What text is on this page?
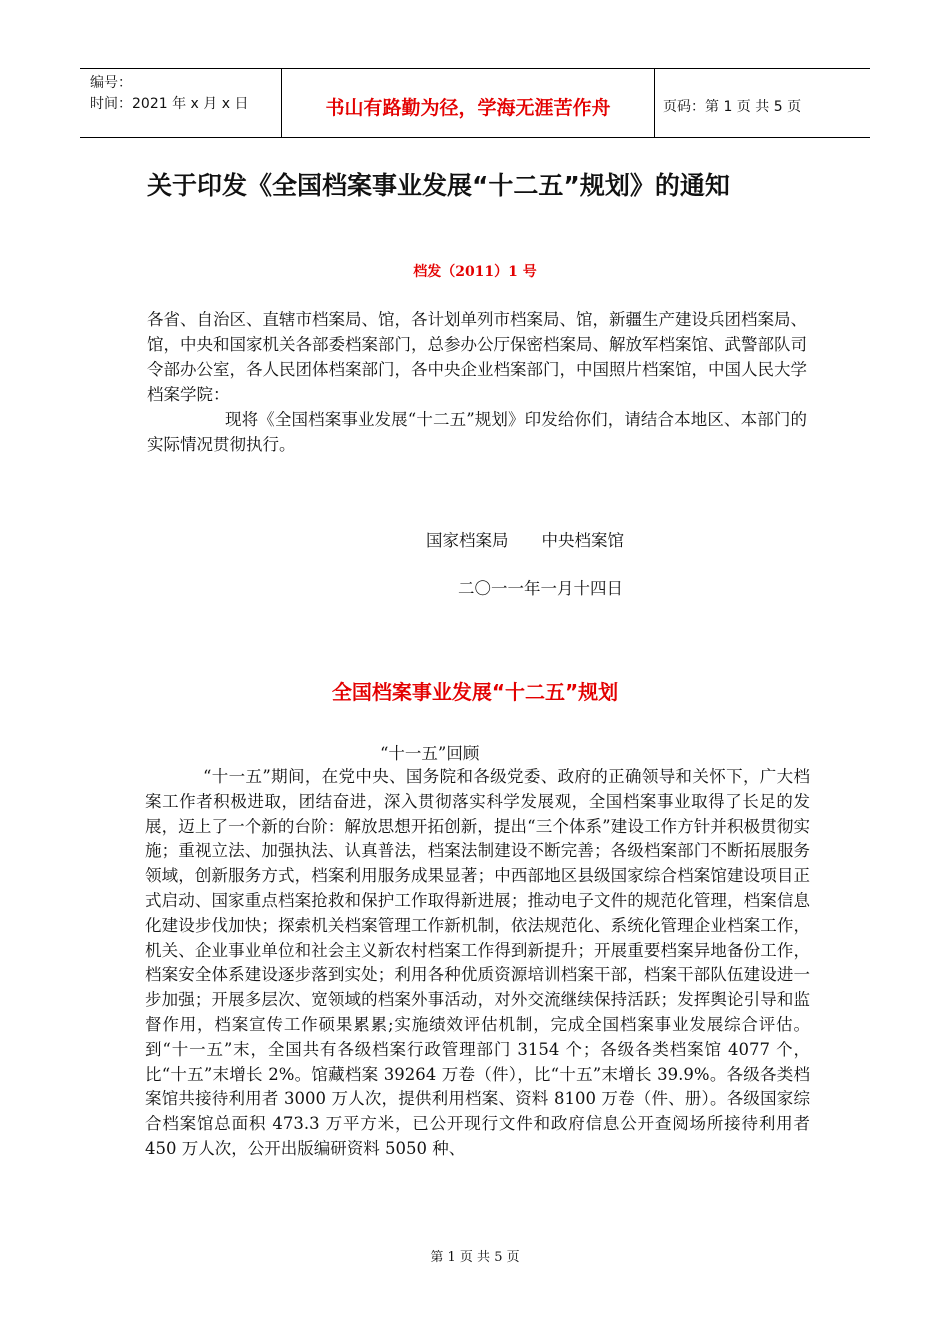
编号：
时间：2021 年 x 月 x 日	书山有路勤为径，学海无涯苦作舟	页码：第 1 页 共 5 页
关于印发《全国档案事业发展“十二五”规划》的通知
档发（2011）1 号
各省、自治区、直辖市档案局、馆，各计划单列市档案局、馆，新疆生产建设兵团档案局、馆，中央和国家机关各部委档案部门，总参办公厅保密档案局、解放军档案馆、武警部队司令部办公室，各人民团体档案部门，各中央企业档案部门，中国照片档案馆，中国人民大学档案学院：
现将《全国档案事业发展“十二五”规划》印发给你们，请结合本地区、本部门的实际情况贯彻执行。
国家档案局　　中央档案馆
二〇一一年一月十四日
全国档案事业发展“十二五”规划
“十一五”回顾
“十一五”期间，在党中央、国务院和各级党委、政府的正确领导和关怀下，广大档案工作者积极进取，团结奋进，深入贯彻落实科学发展观，全国档案事业取得了长足的发展，迈上了一个新的台阶：解放思想开拓创新，提出“三个体系”建设工作方针并积极贯彻实施；重视立法、加强执法、认真普法，档案法制建设不断完善；各级档案部门不断拓展服务领域，创新服务方式，档案利用服务成果显著；中西部地区县级国家综合档案馆建设项目正式启动、国家重点档案抢救和保护工作取得新进展；推动电子文件的规范化管理，档案信息化建设步伐加快；探索机关档案管理工作新机制，依法规范化、系统化管理企业档案工作，机关、企业事业单位和社会主义新农村档案工作得到新提升；开展重要档案异地备份工作，档案安全体系建设逐步落到实处；利用各种优质资源培训档案干部，档案干部队伍建设进一步加强；开展多层次、宽领域的档案外事活动，对外交流继续保持活跃；发挥舆论引导和监督作用，档案宣传工作硕果累累;实施绩效评估机制，完成全国档案事业发展综合评估。到“十一五”末，全国共有各级档案行政管理部门 3154 个；各级各类档案馆 4077 个，比“十五”末增长 2%。馆藏档案 39264 万卷（件），比“十五”末增长 39.9%。各级各类档案馆共接待利用者 3000 万人次，提供利用档案、资料 8100 万卷（件、册）。各级国家综合档案馆总面积 473.3 万平方米，已公开现行文件和政府信息公开查阅场所接待利用者 450 万人次，公开出版编研资料 5050 种、
第 1 页 共 5 页
